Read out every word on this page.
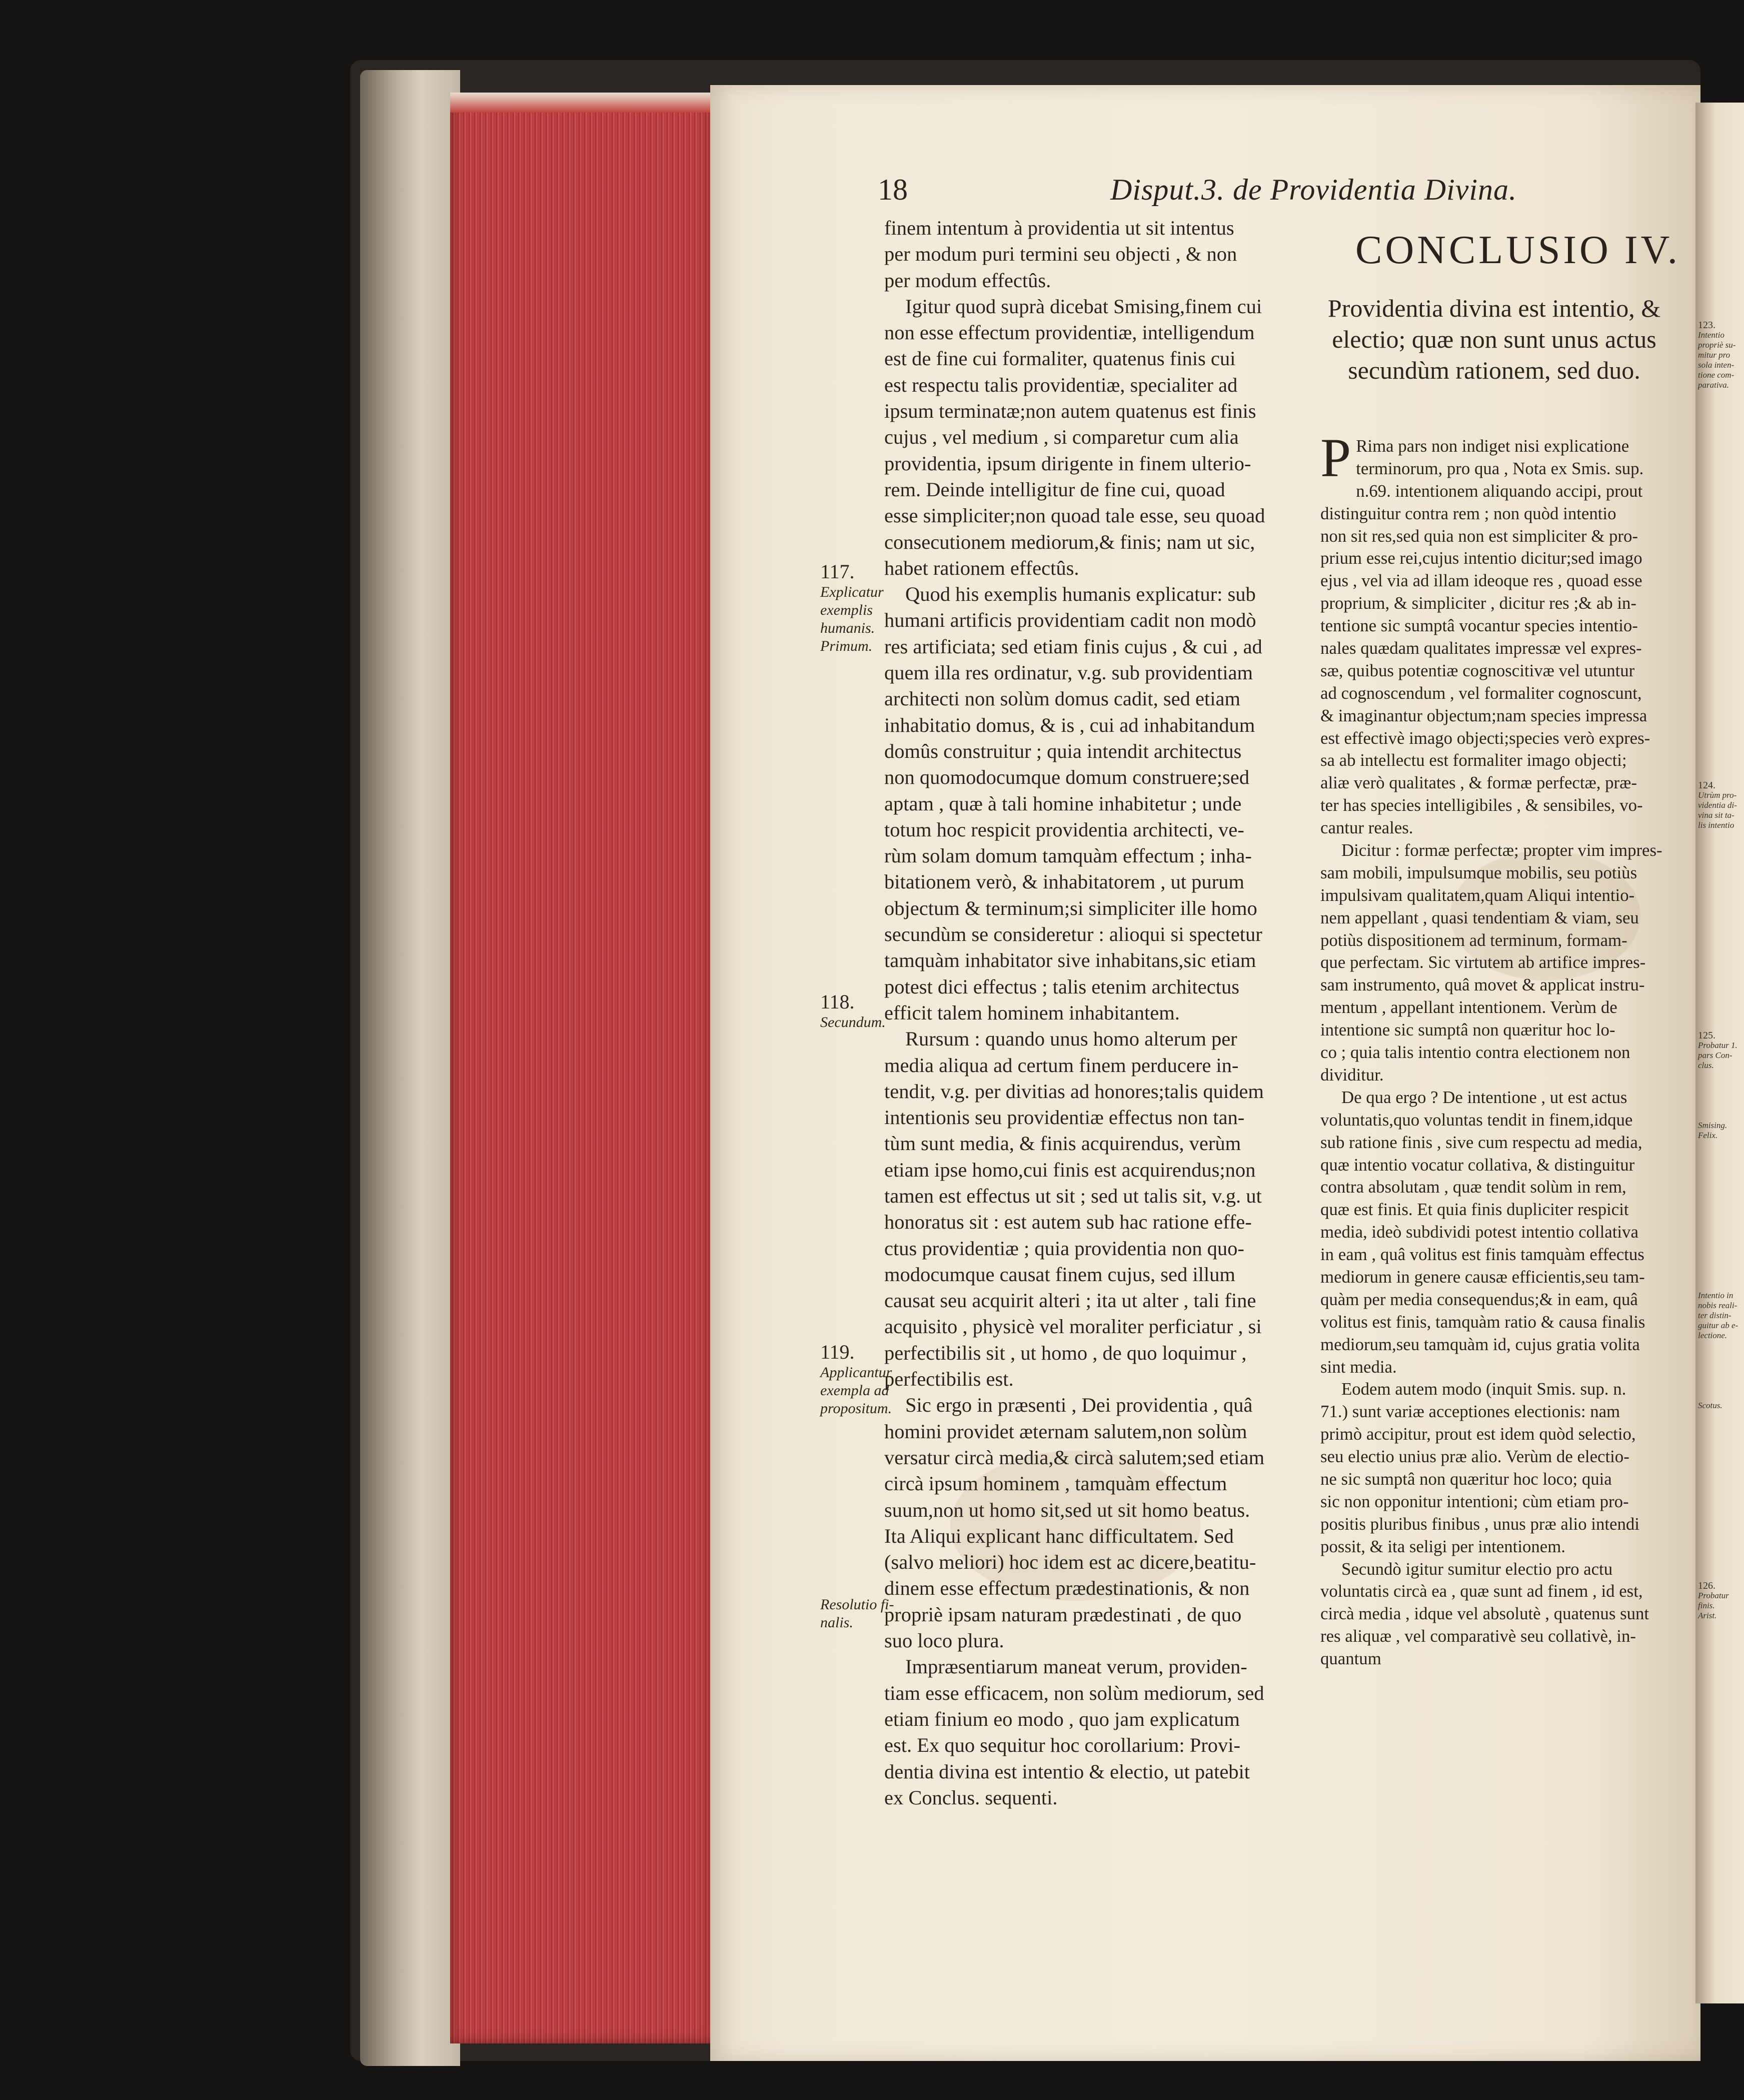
18	Disput.3. de Providentia Divina.
finem intentum à providentia ut sit intentus
per modum puri termini seu objecti , & non
per modum effectûs.
Igitur quod suprà dicebat Smising,finem cui
non esse effectum providentiæ, intelligendum
est de fine cui formaliter, quatenus finis cui
est respectu talis providentiæ, specialiter ad
ipsum terminatæ;non autem quatenus est finis
cujus , vel medium , si comparetur cum alia
providentia, ipsum dirigente in finem ulterio-
rem. Deinde intelligitur de fine cui, quoad
esse simpliciter;non quoad tale esse, seu quoad
consecutionem mediorum,& finis; nam ut sic,
habet rationem effectûs.
Quod his exemplis humanis explicatur: sub
humani artificis providentiam cadit non modò
res artificiata; sed etiam finis cujus , & cui , ad
quem illa res ordinatur, v.g. sub providentiam
architecti non solùm domus cadit, sed etiam
inhabitatio domus, & is , cui ad inhabitandum
domûs construitur ; quia intendit architectus
non quomodocumque domum construere;sed
aptam , quæ à tali homine inhabitetur ; unde
totum hoc respicit providentia architecti, ve-
rùm solam domum tamquàm effectum ; inha-
bitationem verò, & inhabitatorem , ut purum
objectum & terminum;si simpliciter ille homo
secundùm se consideretur : alioqui si spectetur
tamquàm inhabitator sive inhabitans,sic etiam
potest dici effectus ; talis etenim architectus
efficit talem hominem inhabitantem.
Rursum : quando unus homo alterum per
media aliqua ad certum finem perducere in-
tendit, v.g. per divitias ad honores;talis quidem
intentionis seu providentiæ effectus non tan-
tùm sunt media, & finis acquirendus, verùm
etiam ipse homo,cui finis est acquirendus;non
tamen est effectus ut sit ; sed ut talis sit, v.g. ut
honoratus sit : est autem sub hac ratione effe-
ctus providentiæ ; quia providentia non quo-
modocumque causat finem cujus, sed illum
causat seu acquirit alteri ; ita ut alter , tali fine
acquisito , physicè vel moraliter perficiatur , si
perfectibilis sit , ut homo , de quo loquimur ,
perfectibilis est.
Sic ergo in præsenti , Dei providentia , quâ
homini providet æternam salutem,non solùm
versatur circà media,& circà salutem;sed etiam
circà ipsum hominem , tamquàm effectum
suum,non ut homo sit,sed ut sit homo beatus.
Ita Aliqui explicant hanc difficultatem. Sed
(salvo meliori) hoc idem est ac dicere,beatitu-
dinem esse effectum prædestinationis, & non
propriè ipsam naturam prædestinati , de quo
suo loco plura.
Impræsentiarum maneat verum, providen-
tiam esse efficacem, non solùm mediorum, sed
etiam finium eo modo , quo jam explicatum
est. Ex quo sequitur hoc corollarium: Provi-
dentia divina est intentio & electio, ut patebit
ex Conclus. sequenti.
CONCLUSIO IV.
Providentia divina est intentio, &
electio; quæ non sunt unus actus
secundùm rationem, sed duo.
P Rima pars non indiget nisi explicatione
terminorum, pro qua , Nota ex Smis. sup.
n.69. intentionem aliquando accipi, prout
distinguitur contra rem ; non quòd intentio
non sit res,sed quia non est simpliciter & pro-
prium esse rei,cujus intentio dicitur;sed imago
ejus , vel via ad illam ideoque res , quoad esse
proprium, & simpliciter , dicitur res ;& ab in-
tentione sic sumptâ vocantur species intentio-
nales quædam qualitates impressæ vel expres-
sæ, quibus potentiæ cognoscitivæ vel utuntur
ad cognoscendum , vel formaliter cognoscunt,
& imaginantur objectum;nam species impressa
est effectivè imago objecti;species verò expres-
sa ab intellectu est formaliter imago objecti;
aliæ verò qualitates , & formæ perfectæ, præ-
ter has species intelligibiles , & sensibiles, vo-
cantur reales.
Dicitur : formæ perfectæ; propter vim impres-
sam mobili, impulsumque mobilis, seu potiùs
impulsivam qualitatem,quam Aliqui intentio-
nem appellant , quasi tendentiam & viam, seu
potiùs dispositionem ad terminum, formam-
que perfectam. Sic virtutem ab artifice impres-
sam instrumento, quâ movet & applicat instru-
mentum , appellant intentionem. Verùm de
intentione sic sumptâ non quæritur hoc lo-
co ; quia talis intentio contra electionem non
dividitur.
De qua ergo ? De intentione , ut est actus
voluntatis,quo voluntas tendit in finem,idque
sub ratione finis , sive cum respectu ad media,
quæ intentio vocatur collativa, & distinguitur
contra absolutam , quæ tendit solùm in rem,
quæ est finis. Et quia finis dupliciter respicit
media, ideò subdividi potest intentio collativa
in eam , quâ volitus est finis tamquàm effectus
mediorum in genere causæ efficientis,seu tam-
quàm per media consequendus;& in eam, quâ
volitus est finis, tamquàm ratio & causa finalis
mediorum,seu tamquàm id, cujus gratia volita
sint media.
Eodem autem modo (inquit Smis. sup. n.
71.) sunt variæ acceptiones electionis: nam
primò accipitur, prout est idem quòd selectio,
seu electio unius præ alio. Verùm de electio-
ne sic sumptâ non quæritur hoc loco; quia
sic non opponitur intentioni; cùm etiam pro-
positis pluribus finibus , unus præ alio intendi
possit, & ita seligi per intentionem.
Secundò igitur sumitur electio pro actu
voluntatis circà ea , quæ sunt ad finem , id est,
circà media , idque vel absolutè , quatenus sunt
res aliquæ , vel comparativè seu collativè, in-
quantum
117.
Explicatur
exemplis
humanis.
Primum.
118.
Secundum.
119.
Applicantur
exempla ad
propositum.
Resolutio fi-
nalis.
123.
Intentio
propriè su-
mitur pro
sola inten-
tione com-
parativa.
124.
Utrùm pro-
videntia di-
vina sit ta-
lis intentio
125.
Probatur 1.
pars Con-
clus.
Smising.
Felix.
Intentio in
nobis reali-
ter distin-
guitur ab e-
lectione.
Scotus.
126.
Probatur
finis.
Arist.
